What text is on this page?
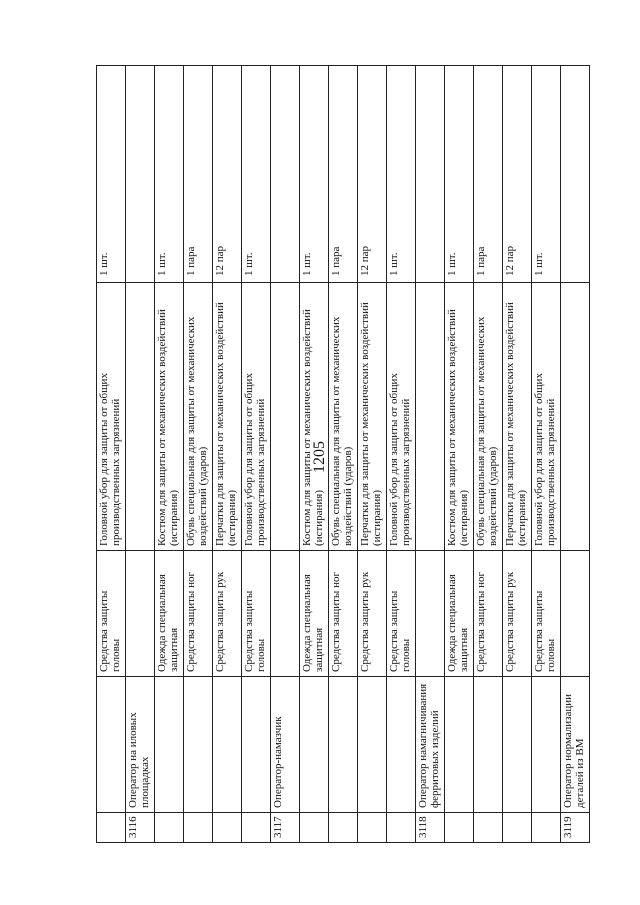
1205
		Средства защиты головы	Головной убор для защиты от общих производственных загрязнений	1 шт.
3116	Оператор на иловых площадках			
		Одежда специальная защитная	Костюм для защиты от механических воздействий (истирания)	1 шт.
		Средства защиты ног	Обувь специальная для защиты от механических воздействий (ударов)	1 пара
		Средства защиты рук	Перчатки для защиты от механических воздействий (истирания)	12 пар
		Средства защиты головы	Головной убор для защиты от общих производственных загрязнений	1 шт.
3117	Оператор-намазчик			
		Одежда специальная защитная	Костюм для защиты от механических воздействий (истирания)	1 шт.
		Средства защиты ног	Обувь специальная для защиты от механических воздействий (ударов)	1 пара
		Средства защиты рук	Перчатки для защиты от механических воздействий (истирания)	12 пар
		Средства защиты головы	Головной убор для защиты от общих производственных загрязнений	1 шт.
3118	Оператор намагничивания ферритовых изделий			
		Одежда специальная защитная	Костюм для защиты от механических воздействий (истирания)	1 шт.
		Средства защиты ног	Обувь специальная для защиты от механических воздействий (ударов)	1 пара
		Средства защиты рук	Перчатки для защиты от механических воздействий (истирания)	12 пар
		Средства защиты головы	Головной убор для защиты от общих производственных загрязнений	1 шт.
3119	Оператор нормализации деталей из ВМ			
